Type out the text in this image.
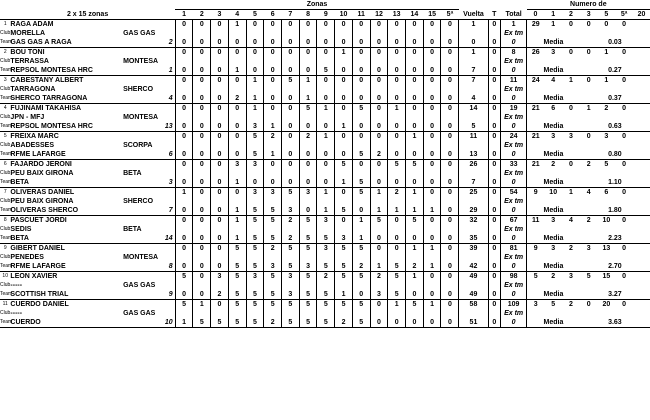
			Zonas																			Numero de						
2 x 15 zonas			1	2	3	4	5	6	7	8	9	10	11	12	13	14	15	5ª	Vuelta	T	Total	0	1	2	3	5	5ª	20
1	RAGA ADAM		0	0	0	1	0	0	0	0	0	0	0	0	0	0	0	0	1	0	1	29	1	0	0	0	0	
Club	MORELLA	GAS GAS																			Ex tm							
Team	GAS GAS A RAGA	2	0	0	0	0	0	0	0	0	0	0	0	0	0	0	0	0	0	0	0	Media			0.03			
2	BOU TONI		0	0	0	0	0	0	0	0	0	1	0	0	0	0	0	0	1	0	8	26	3	0	0	1	0	
Club	TERRASSA	MONTESA																			Ex tm							
Team	REPSOL MONTESA HRC	1	0	0	0	1	0	0	0	0	5	0	0	0	0	0	0	0	7	0	0	Media			0.27			
3	CABESTANY ALBERT		0	0	0	0	1	0	5	1	0	0	0	0	0	0	0	0	7	0	11	24	4	1	0	1	0	
Club	TARRAGONA	SHERCO																			Ex tm							
Team	SHERCO TARRAGONA	4	0	0	0	2	1	0	0	1	0	0	0	0	0	0	0	0	4	0	0	Media			0.37			
4	FUJINAMI TAKAHISA		0	0	0	0	1	0	0	5	1	0	5	0	1	0	0	0	14	0	19	21	6	0	1	2	0	
Club	JPN - MFJ	MONTESA																			Ex tm							
Team	REPSOL MONTESA HRC	13	0	0	0	0	3	1	0	0	0	1	0	0	0	0	0	0	5	0	0	Media			0.63			
5	FREIXA MARC		0	0	0	0	5	2	0	2	1	0	0	0	0	1	0	0	11	0	24	21	3	3	0	3	0	
Club	ABADESSES	SCORPA																			Ex tm							
Team	RFME LAFARGE	6	0	0	0	0	5	1	0	0	0	0	5	2	0	0	0	0	13	0	0	Media			0.80			
6	FAJARDO JERONI		0	0	0	3	3	0	0	0	0	5	0	0	5	5	0	0	26	0	33	21	2	0	2	5	0	
Club	PEU BAIX GIRONA	BETA																			Ex tm							
Team	BETA	3	0	0	0	1	0	0	0	0	0	1	5	0	0	0	0	0	7	0	0	Media			1.10			
7	OLIVERAS DANIEL		1	0	0	0	3	3	5	3	1	0	5	1	2	1	0	0	25	0	54	9	10	1	4	6	0	
Club	PEU BAIX GIRONA	SHERCO																			Ex tm							
Team	OLIVERAS SHERCO	7	0	0	0	1	5	5	3	0	1	5	0	1	1	1	1	0	29	0	0	Media			1.80			
8	PASCUET JORDI		0	0	0	1	5	5	2	5	3	0	1	5	0	5	0	0	32	0	67	11	3	4	2	10	0	
Club	SEDIS	BETA																			Ex tm							
Team	BETA	14	0	0	0	1	5	5	2	5	5	3	1	0	0	0	0	0	35	0	0	Media			2.23			
9	GIBERT DANIEL		0	0	0	5	5	2	5	5	3	5	5	0	0	1	1	0	39	0	81	9	3	2	3	13	0	
Club	PENEDES	MONTESA																			Ex tm							
Team	RFME LAFARGE	8	0	0	0	5	5	3	5	3	5	5	2	1	5	2	1	0	42	0	0	Media			2.70			
10	LEON XAVIER		5	0	3	5	3	5	3	5	2	5	5	2	5	1	0	0	49	0	98	5	2	3	5	15	0	
Club	-----	GAS GAS																			Ex tm							
Team	SCOTTISH TRIAL	9	0	0	2	5	5	5	3	5	5	1	0	3	5	0	0	0	49	0	0	Media			3.27			
11	CUERDO DANIEL		5	1	0	5	5	5	5	5	5	5	5	0	1	5	1	0	58	0	109	3	5	2	0	20	0	
Club	-----	GAS GAS																			Ex tm							
Team	CUERDO	10	1	5	5	5	5	2	5	5	5	2	5	0	0	0	0	0	51	0	0	Media			3.63			
